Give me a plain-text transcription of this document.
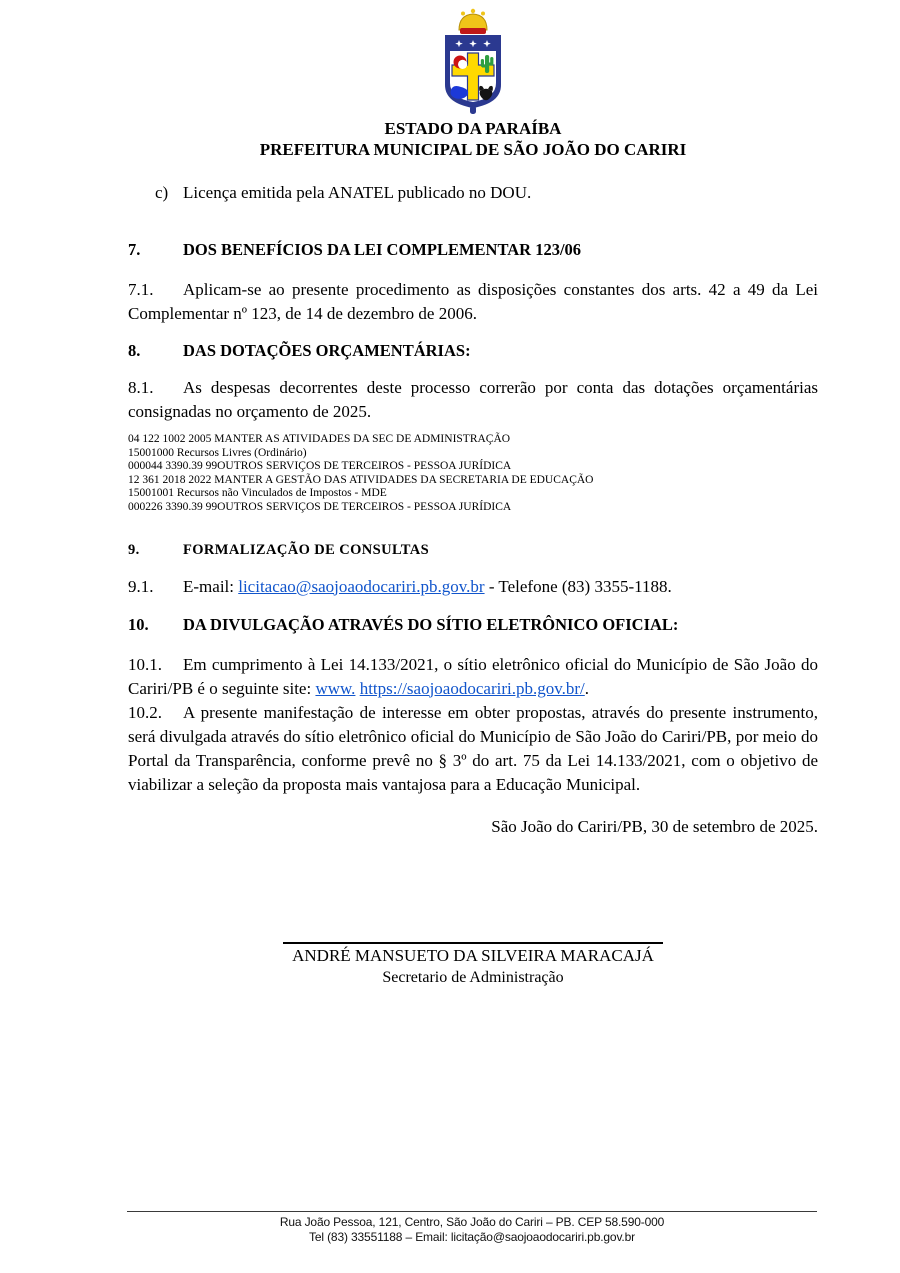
ESTADO DA PARAÍBA
PREFEITURA MUNICIPAL DE SÃO JOÃO DO CARIRI
c) Licença emitida pela ANATEL publicado no DOU.
7.	DOS BENEFÍCIOS DA LEI COMPLEMENTAR 123/06

7.1. Aplicam-se ao presente procedimento as disposições constantes dos arts. 42 a 49 da Lei Complementar nº 123, de 14 de dezembro de 2006.

8.	DAS DOTAÇÕES ORÇAMENTÁRIAS:

8.1. As despesas decorrentes deste processo correrão por conta das dotações orçamentárias consignadas no orçamento de 2025.

04 122 1002 2005 MANTER AS ATIVIDADES DA SEC DE ADMINISTRAÇÃO
15001000 Recursos Livres (Ordinário)
000044 3390.39 99OUTROS SERVIÇOS DE TERCEIROS - PESSOA JURÍDICA
12 361 2018 2022 MANTER A GESTÃO DAS ATIVIDADES DA SECRETARIA DE EDUCAÇÃO
15001001 Recursos não Vinculados de Impostos - MDE
000226 3390.39 99OUTROS SERVIÇOS DE TERCEIROS - PESSOA JURÍDICA
9.	FORMALIZAÇÃO DE CONSULTAS

9.1. E-mail: licitacao@saojoaodocariri.pb.gov.br - Telefone (83) 3355-1188.

10. DA DIVULGAÇÃO ATRAVÉS DO SÍTIO ELETRÔNICO OFICIAL:

10.1. Em cumprimento à Lei 14.133/2021, o sítio eletrônico oficial do Município de São João do Cariri/PB é o seguinte site: www. https://saojoaodocariri.pb.gov.br/.

10.2. A presente manifestação de interesse em obter propostas, através do presente instrumento, será divulgada através do sítio eletrônico oficial do Município de São João do Cariri/PB, por meio do Portal da Transparência, conforme prevê no § 3º do art. 75 da Lei 14.133/2021, com o objetivo de viabilizar a seleção da proposta mais vantajosa para a Educação Municipal.

São João do Cariri/PB, 30 de setembro de 2025.
ANDRÉ MANSUETO DA SILVEIRA MARACAJÁ
Secretario de Administração
Rua João Pessoa, 121, Centro, São João do Cariri – PB. CEP 58.590-000
Tel (83) 33551188 – Email: licitação@saojoaodocariri.pb.gov.br
